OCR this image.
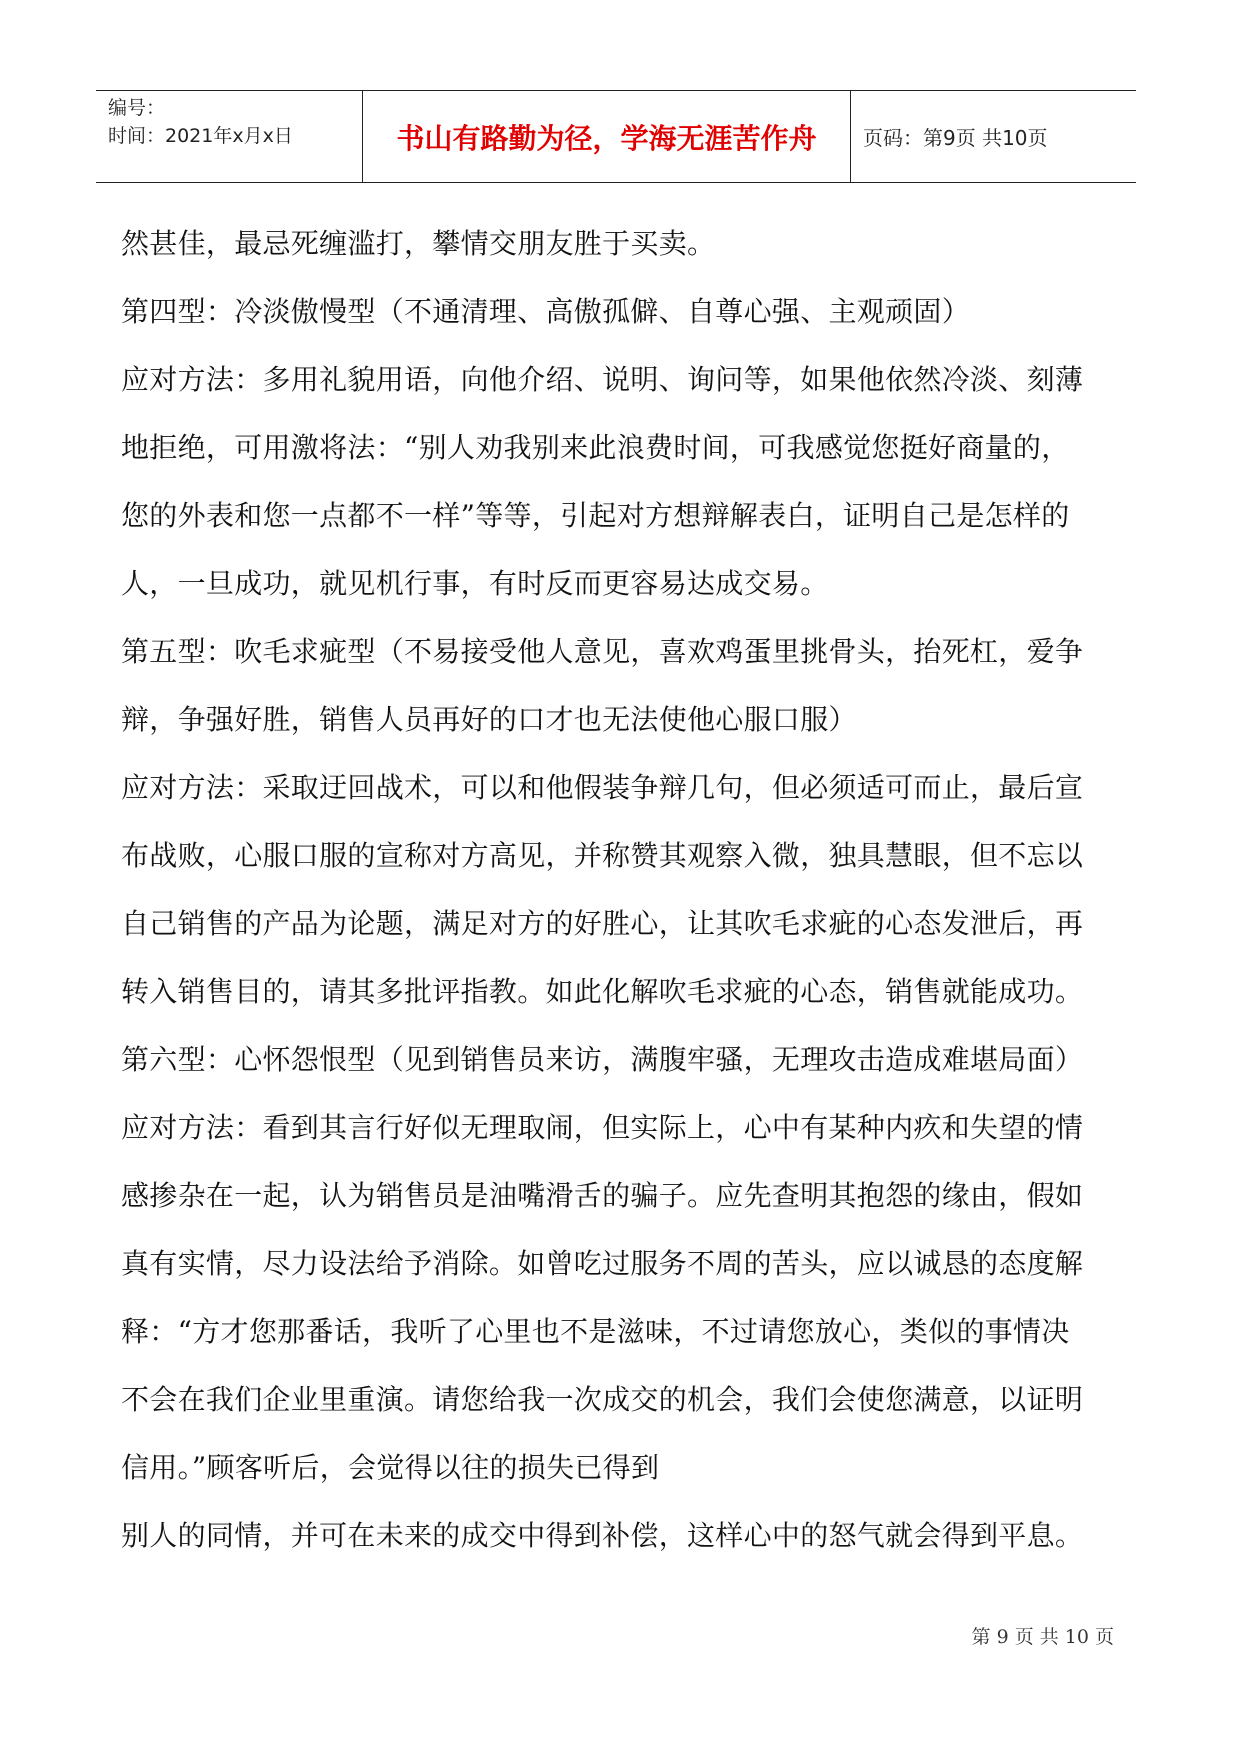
编号：
时间：2021年x月x日	书山有路勤为径，学海无涯苦作舟	页码：第9页 共10页
然甚佳，最忌死缠滥打，攀情交朋友胜于买卖。
第四型：冷淡傲慢型（不通清理、高傲孤僻、自尊心强、主观顽固）
应对方法：多用礼貌用语，向他介绍、说明、询问等，如果他依然冷淡、刻薄
地拒绝，可用激将法：“别人劝我别来此浪费时间，可我感觉您挺好商量的，
您的外表和您一点都不一样”等等，引起对方想辩解表白，证明自己是怎样的
人，一旦成功，就见机行事，有时反而更容易达成交易。
第五型：吹毛求疵型（不易接受他人意见，喜欢鸡蛋里挑骨头，抬死杠，爱争
辩，争强好胜，销售人员再好的口才也无法使他心服口服）
应对方法：采取迂回战术，可以和他假装争辩几句，但必须适可而止，最后宣
布战败，心服口服的宣称对方高见，并称赞其观察入微，独具慧眼，但不忘以
自己销售的产品为论题，满足对方的好胜心，让其吹毛求疵的心态发泄后，再
转入销售目的，请其多批评指教。如此化解吹毛求疵的心态，销售就能成功。
第六型：心怀怨恨型（见到销售员来访，满腹牢骚，无理攻击造成难堪局面）
应对方法：看到其言行好似无理取闹，但实际上，心中有某种内疚和失望的情
感掺杂在一起，认为销售员是油嘴滑舌的骗子。应先查明其抱怨的缘由，假如
真有实情，尽力设法给予消除。如曾吃过服务不周的苦头，应以诚恳的态度解
释：“方才您那番话，我听了心里也不是滋味，不过请您放心，类似的事情决
不会在我们企业里重演。请您给我一次成交的机会，我们会使您满意，以证明
信用。”顾客听后，会觉得以往的损失已得到
别人的同情，并可在未来的成交中得到补偿，这样心中的怒气就会得到平息。
第 9 页 共 10 页
